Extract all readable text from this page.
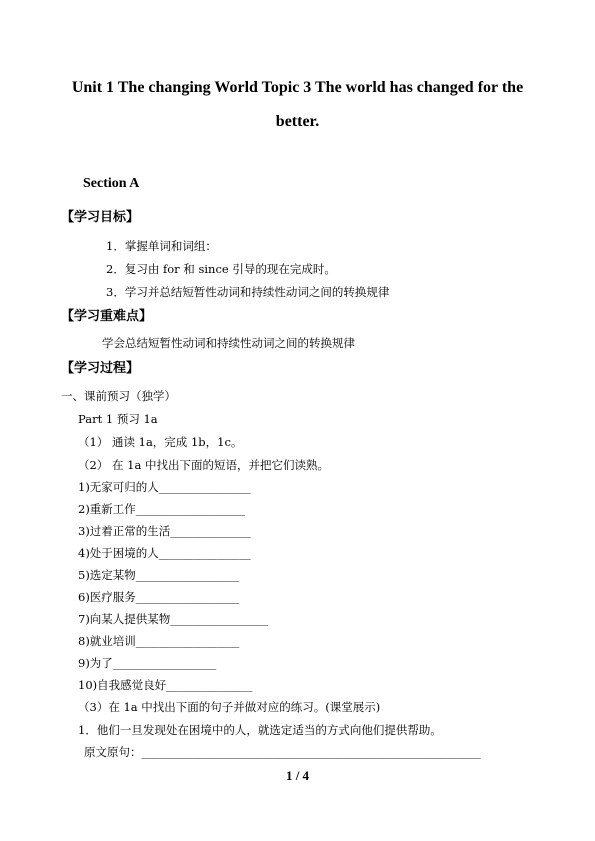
Unit 1 The changing World Topic 3 The world has changed for the
better.
Section A
【学习目标】
1．掌握单词和词组：
2．复习由 for 和 since 引导的现在完成时。
3．学习并总结短暂性动词和持续性动词之间的转换规律
【学习重难点】
学会总结短暂性动词和持续性动词之间的转换规律
【学习过程】
一、课前预习（独学）
Part 1 预习 1a
（1） 通读 1a，完成 1b，1c。
（2） 在 1a 中找出下面的短语，并把它们读熟。
1)无家可归的人________________
2)重新工作___________________
3)过着正常的生活______________
4)处于困境的人________________
5)选定某物__________________
6)医疗服务__________________
7)向某人提供某物_________________
8)就业培训__________________
9)为了__________________
10)自我感觉良好_______________
（3）在 1a 中找出下面的句子并做对应的练习。(课堂展示)
1．他们一旦发现处在困境中的人，就选定适当的方式向他们提供帮助。
原文原句：___________________________________________________________
1 / 4
